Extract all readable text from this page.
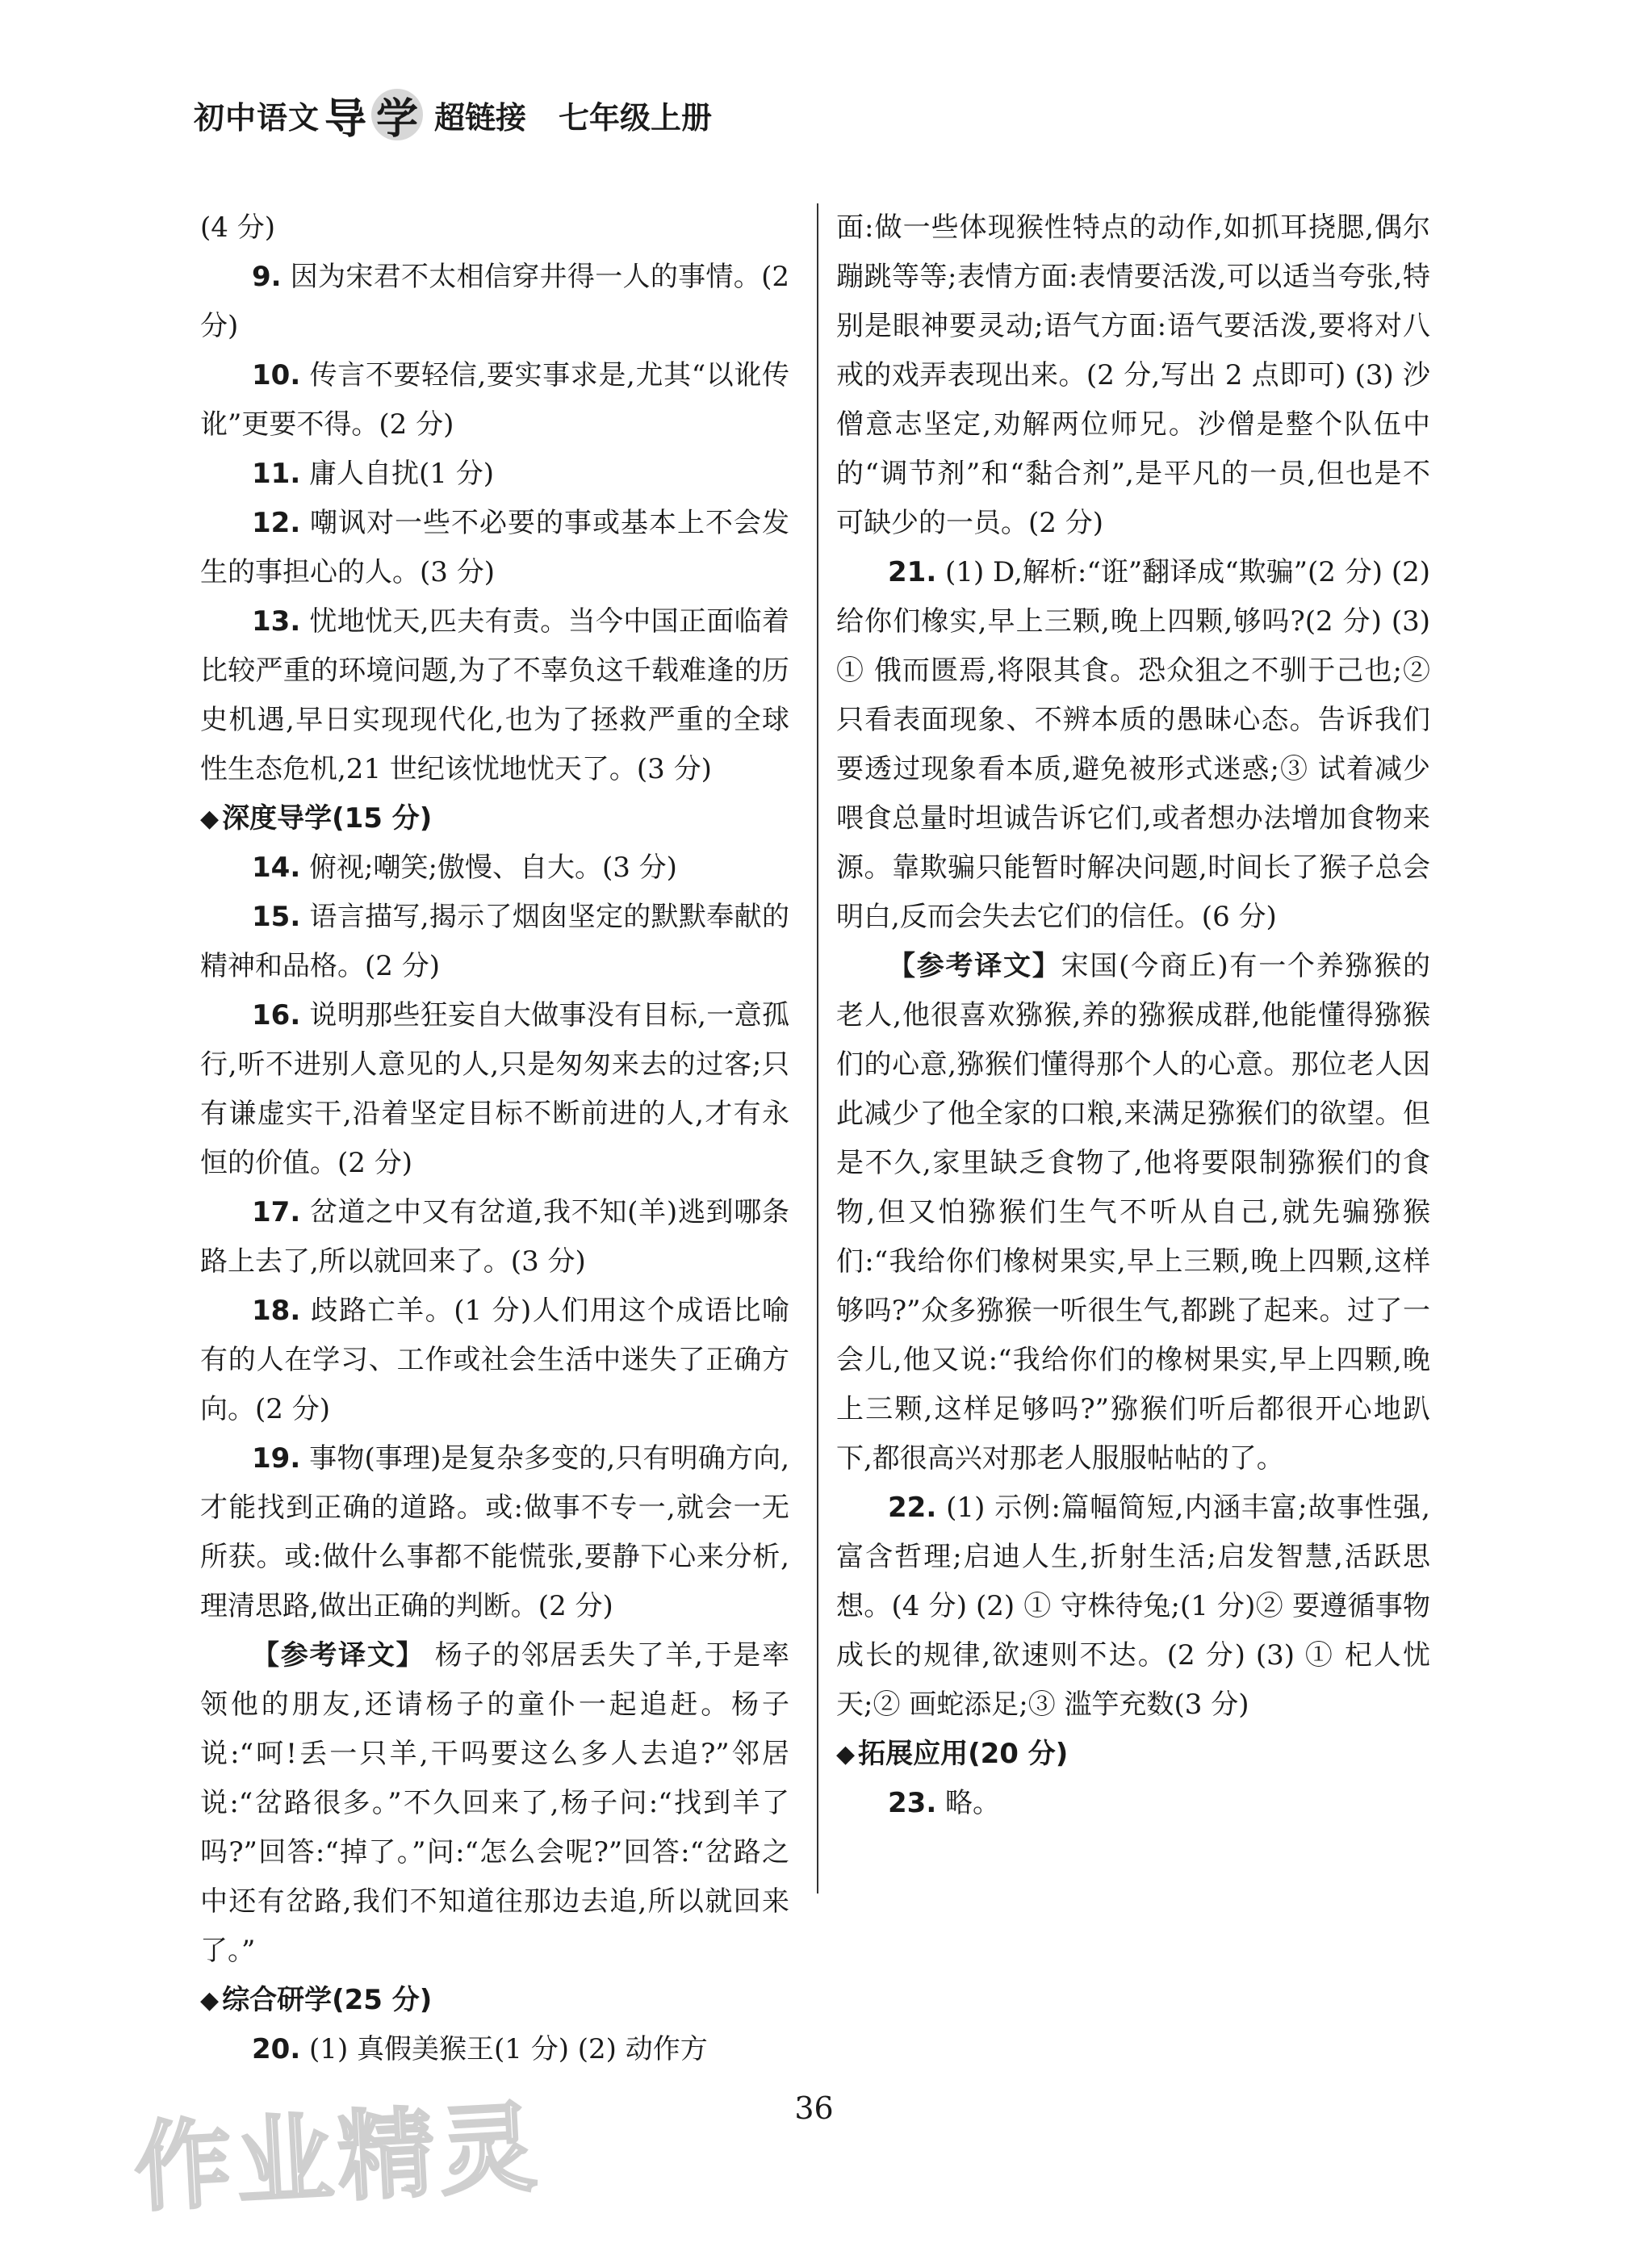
初中语文 导 学 超链接 七年级上册

(4 分)

9. 因为宋君不太相信穿井得一人的事情。(2 分)

10. 传言不要轻信,要实事求是,尤其“以讹传讹”更要不得。(2 分)

11. 庸人自扰(1 分)

12. 嘲讽对一些不必要的事或基本上不会发生的事担心的人。(3 分)

13. 忧地忧天,匹夫有责。当今中国正面临着比较严重的环境问题,为了不辜负这千载难逢的历史机遇,早日实现现代化,也为了拯救严重的全球性生态危机,21 世纪该忧地忧天了。(3 分)

◆ 深度导学(15 分)

14. 俯视;嘲笑;傲慢、自大。(3 分)

15. 语言描写,揭示了烟囱坚定的默默奉献的精神和品格。(2 分)

16. 说明那些狂妄自大做事没有目标,一意孤行,听不进别人意见的人,只是匆匆来去的过客;只有谦虚实干,沿着坚定目标不断前进的人,才有永恒的价值。(2 分)

17. 岔道之中又有岔道,我不知(羊)逃到哪条路上去了,所以就回来了。(3 分)

18. 歧路亡羊。(1 分)人们用这个成语比喻有的人在学习、工作或社会生活中迷失了正确方向。(2 分)

19. 事物(事理)是复杂多变的,只有明确方向,才能找到正确的道路。或:做事不专一,就会一无所获。或:做什么事都不能慌张,要静下心来分析,理清思路,做出正确的判断。(2 分)

【参考译文】 杨子的邻居丢失了羊,于是率领他的朋友,还请杨子的童仆一起追赶。杨子说:“呵!丢一只羊,干吗要这么多人去追?”邻居说:“岔路很多。”不久回来了,杨子问:“找到羊了吗?”回答:“掉了。”问:“怎么会呢?”回答:“岔路之中还有岔路,我们不知道往那边去追,所以就回来了。”

◆ 综合研学(25 分)

20. (1) 真假美猴王(1 分) (2) 动作方

面:做一些体现猴性特点的动作,如抓耳挠腮,偶尔蹦跳等等;表情方面:表情要活泼,可以适当夸张,特别是眼神要灵动;语气方面:语气要活泼,要将对八戒的戏弄表现出来。(2 分,写出 2 点即可) (3) 沙僧意志坚定,劝解两位师兄。沙僧是整个队伍中的“调节剂”和“黏合剂”,是平凡的一员,但也是不可缺少的一员。(2 分)

21. (1) D,解析:“诳”翻译成“欺骗”(2 分) (2) 给你们橡实,早上三颗,晚上四颗,够吗?(2 分) (3) ① 俄而匮焉,将限其食。恐众狙之不驯于己也;② 只看表面现象、不辨本质的愚昧心态。告诉我们要透过现象看本质,避免被形式迷惑;③ 试着减少喂食总量时坦诚告诉它们,或者想办法增加食物来源。靠欺骗只能暂时解决问题,时间长了猴子总会明白,反而会失去它们的信任。(6 分)

【参考译文】宋国(今商丘)有一个养猕猴的老人,他很喜欢猕猴,养的猕猴成群,他能懂得猕猴们的心意,猕猴们懂得那个人的心意。那位老人因此减少了他全家的口粮,来满足猕猴们的欲望。但是不久,家里缺乏食物了,他将要限制猕猴们的食物,但又怕猕猴们生气不听从自己,就先骗猕猴们:“我给你们橡树果实,早上三颗,晚上四颗,这样够吗?”众多猕猴一听很生气,都跳了起来。过了一会儿,他又说:“我给你们的橡树果实,早上四颗,晚上三颗,这样足够吗?”猕猴们听后都很开心地趴下,都很高兴对那老人服服帖帖的了。

22. (1) 示例:篇幅简短,内涵丰富;故事性强,富含哲理;启迪人生,折射生活;启发智慧,活跃思想。(4 分) (2) ① 守株待兔;(1 分)② 要遵循事物成长的规律,欲速则不达。(2 分) (3) ① 杞人忧天;② 画蛇添足;③ 滥竽充数(3 分)

◆ 拓展应用(20 分)

23. 略。

36
作业精灵
